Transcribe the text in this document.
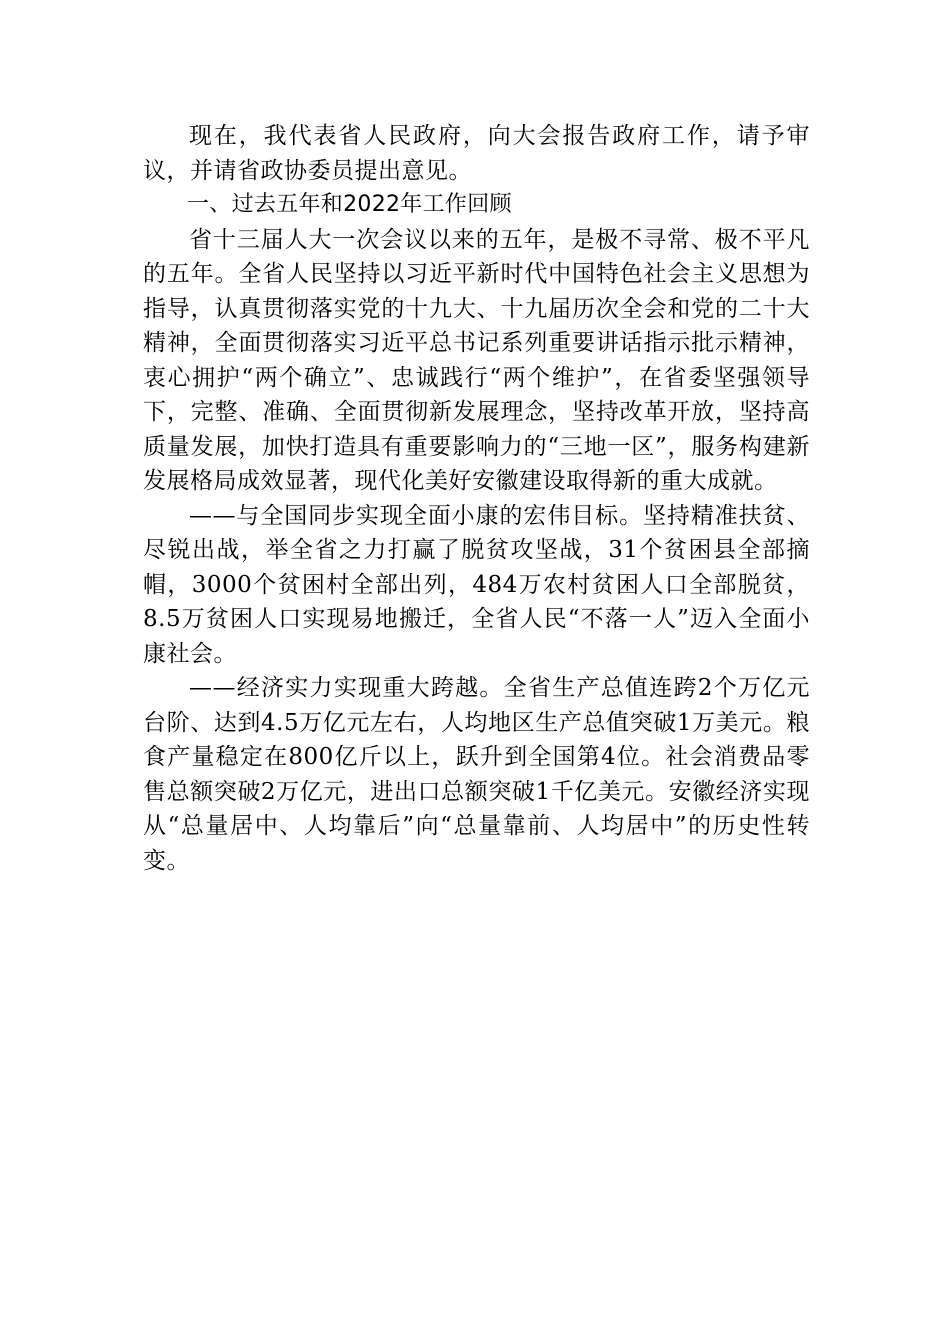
现在，我代表省人民政府，向大会报告政府工作，请予审议，并请省政协委员提出意见。

一、过去五年和2022年工作回顾

省十三届人大一次会议以来的五年，是极不寻常、极不平凡的五年。全省人民坚持以习近平新时代中国特色社会主义思想为指导，认真贯彻落实党的十九大、十九届历次全会和党的二十大精神，全面贯彻落实习近平总书记系列重要讲话指示批示精神，衷心拥护“两个确立”、忠诚践行“两个维护”，在省委坚强领导下，完整、准确、全面贯彻新发展理念，坚持改革开放，坚持高质量发展，加快打造具有重要影响力的“三地一区”，服务构建新发展格局成效显著，现代化美好安徽建设取得新的重大成就。

——与全国同步实现全面小康的宏伟目标。坚持精准扶贫、尽锐出战，举全省之力打赢了脱贫攻坚战，31个贫困县全部摘帽，3000个贫困村全部出列，484万农村贫困人口全部脱贫，8.5万贫困人口实现易地搬迁，全省人民“不落一人”迈入全面小康社会。

——经济实力实现重大跨越。全省生产总值连跨2个万亿元台阶、达到4.5万亿元左右，人均地区生产总值突破1万美元。粮食产量稳定在800亿斤以上，跃升到全国第4位。社会消费品零售总额突破2万亿元，进出口总额突破1千亿美元。安徽经济实现从“总量居中、人均靠后”向“总量靠前、人均居中”的历史性转变。
